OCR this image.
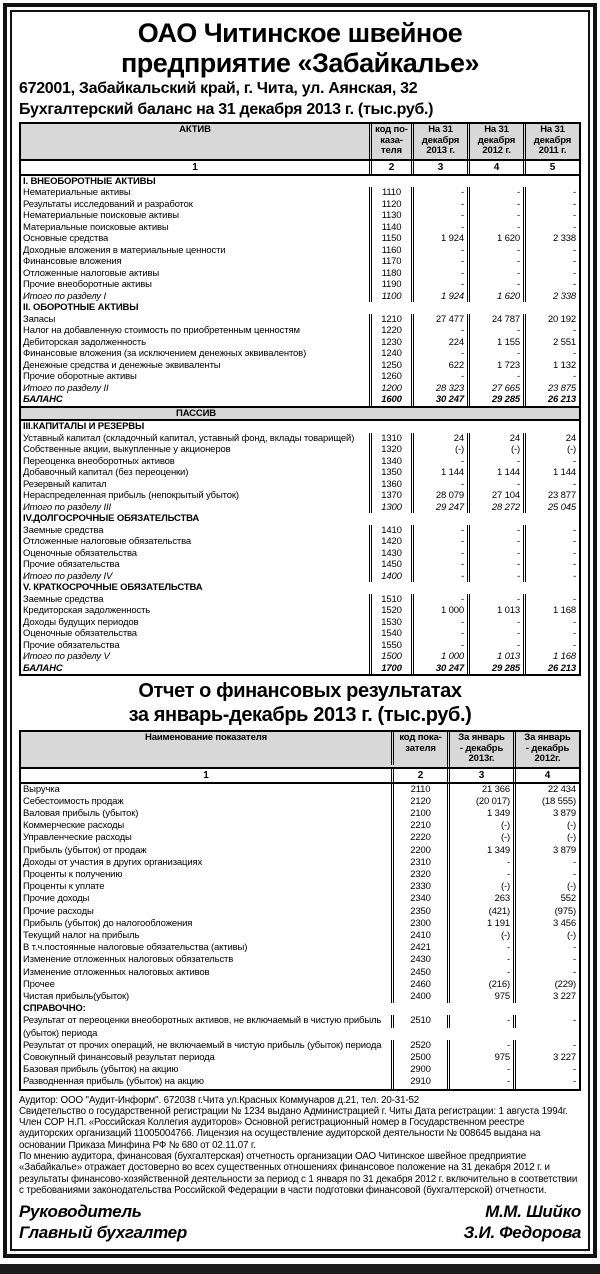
ОАО Читинское швейное
предприятие «Забайкалье»
672001, Забайкальский край, г. Чита, ул. Аянская, 32
Бухгалтерский баланс на 31 декабря 2013 г. (тыс.руб.)
АКТИВ	код по-
каза-
теля
На 31
декабря
2013 г.
На 31
декабря
2012 г.
На 31
декабря
2011 г.
1	2	3	4	5
I. ВНЕОБОРОТНЫЕ АКТИВЫ
Нематериальные активы	1110	-	-	-
Результаты исследований и разработок	1120	-	-	-
Нематериальные поисковые активы	1130	-	-	-
Материальные поисковые активы	1140	-	-	-
Основные средства	1150	1 924	1 620	2 338
Доходные вложения в материальные ценности	1160	-	-	-
Финансовые вложения	1170	-	-	-
Отложенные налоговые активы	1180	-	-	-
Прочие внеоборотные активы	1190	-	-	-
Итого по разделу I	1100	1 924	1 620	2 338
II. ОБОРОТНЫЕ АКТИВЫ
Запасы	1210	27 477	24 787	20 192
Налог на добавленную стоимость по приобретенным ценностям	1220	-	-	-
Дебиторская задолженность	1230	224	1 155	2 551
Финансовые вложения (за исключением денежных эквивалентов)	1240	-	-	-
Денежные средства и денежные эквиваленты	1250	622	1 723	1 132
Прочие оборотные активы	1260	-	-	-
Итого по разделу II	1200	28 323	27 665	23 875
БАЛАНС	1600	30 247	29 285	26 213
ПАССИВ
III.КАПИТАЛЫ И РЕЗЕРВЫ
Уставный капитал (складочный капитал, уставный фонд, вклады товарищей)	1310	24	24	24
Собственные акции, выкупленные у акционеров	1320	(-)	(-)	(-)
Переоценка внеоборотных активов	1340	-	-	-
Добавочный капитал (без переоценки)	1350	1 144	1 144	1 144
Резервный капитал	1360	-	-	-
Нераспределенная прибыль (непокрытый убыток)	1370	28 079	27 104	23 877
Итого по разделу III	1300	29 247	28 272	25 045
IV.ДОЛГОСРОЧНЫЕ ОБЯЗАТЕЛЬСТВА
Заемные средства	1410	-	-	-
Отложенные налоговые обязательства	1420	-	-	-
Оценочные обязательства	1430	-	-	-
Прочие обязательства	1450	-	-	-
Итого по разделу IV	1400	-	-	-
V. КРАТКОСРОЧНЫЕ ОБЯЗАТЕЛЬСТВА
Заемные средства	1510	-	-	-
Кредиторская задолженность	1520	1 000	1 013	1 168
Доходы будущих периодов	1530	-	-	-
Оценочные обязательства	1540	-	-	-
Прочие обязательства	1550	-	-	-
Итого по разделу V	1500	1 000	1 013	1 168
БАЛАНС	1700	30 247	29 285	26 213
Отчет о финансовых результатах
за январь-декабрь 2013 г. (тыс.руб.)
Наименование показателя	код пока-
зателя
За январь
- декабрь
2013г.
За январь
- декабрь
2012г.
1	2	3	4
Выручка	2110	21 366	22 434
Себестоимость продаж	2120	(20 017)	(18 555)
Валовая прибыль (убыток)	2100	1 349	3 879
Коммерческие расходы	2210	(-)	(-)
Управленческие расходы	2220	(-)	(-)
Прибыль (убыток) от продаж	2200	1 349	3 879
Доходы от участия в других организациях	2310	-	-
Проценты к получению	2320	-	-
Проценты к уплате	2330	(-)	(-)
Прочие доходы	2340	263	552
Прочие расходы	2350	(421)	(975)
Прибыль (убыток) до налогообложения	2300	1 191	3 456
Текущий налог на прибыль	2410	(-)	(-)
В т.ч.постоянные налоговые обязательства (активы)	2421	-	-
Изменение отложенных налоговых обязательств	2430	-	-
Изменение отложенных налоговых активов	2450	-	-
Прочее	2460	(216)	(229)
Чистая прибыль(убыток)	2400	975	3 227
СПРАВОЧНО:
Результат от переоценки внеоборотных активов, не включаемый в чистую прибыль (убыток) периода
2510	-	-
Результат от прочих операций, не включаемый в чистую прибыль (убыток) периода	2520	-	-
Совокупный финансовый результат периода	2500	975	3 227
Базовая прибыль (убыток) на акцию	2900	-	-
Разводненная прибыль (убыток) на акцию	2910	-	-

Аудитор: ООО "Аудит-Информ". 672038 г.Чита ул.Красных Коммунаров д.21, тел. 20-31-52

Свидетельство о государственной регистрации № 1234 выдано Администрацией г. Читы Дата регистрации: 1 августа 1994г.

Член СОР Н.П. «Российская Коллегия аудиторов» Основной регистрационный номер в Государственном реестре аудиторских организаций 11005004766. Лицензия на осуществление аудиторской деятельности № 008645 выдана на основании Приказа Минфина РФ № 680 от 02.11.07 г.

По мнению аудитора, финансовая (бухгалтерская) отчетность организации ОАО Читинское швейное предприятие «Забайкалье» отражает достоверно во всех существенных отношениях финансовое положение на 31 декабря 2012 г. и результаты финансово-хозяйственной деятельности за период с 1 января по 31 декабря 2012 г. включительно в соответствии с требованиями законодательства Российской Федерации в части подготовки финансовой (бухгалтерской) отчетности.

Руководитель	М.М. Шийко
Главный бухгалтер	З.И. Федорова
